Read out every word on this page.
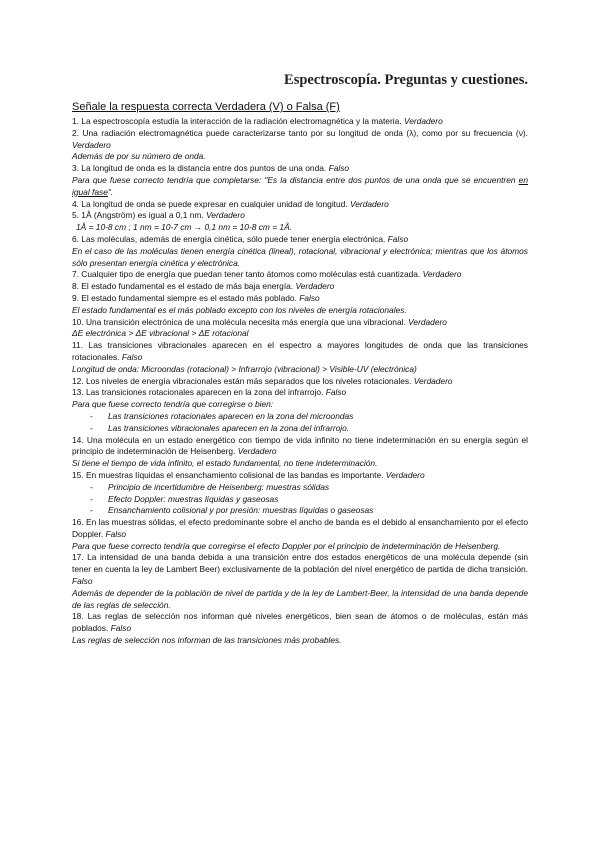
Espectroscopía. Preguntas y cuestiones.
Señale la respuesta correcta Verdadera (V) o Falsa (F)
1. La espectroscopía estudia la interacción de la radiación electromagnética y la materia. Verdadero
2. Una radiación electromagnética puede caracterizarse tanto por su longitud de onda (λ), como por su frecuencia (ν). Verdadero
Además de por su número de onda.
3. La longitud de onda es la distancia entre dos puntos de una onda. Falso
Para que fuese correcto tendría que completarse: "Es la distancia entre dos puntos de una onda que se encuentren en igual fase".
4. La longitud de onda se puede expresar en cualquier unidad de longitud. Verdadero
5. 1Å (Angström) es igual a 0,1 nm. Verdadero
1Å = 10-8 cm ; 1 nm = 10-7 cm → 0,1 nm = 10-8 cm = 1Å.
6. Las moléculas, además de energía cinética, sólo puede tener energía electrónica. Falso
En el caso de las moléculas tienen energía cinética (lineal), rotacional, vibracional y electrónica; mientras que los átomos sólo presentan energía cinética y electrónica.
7. Cualquier tipo de energía que puedan tener tanto átomos como moléculas está cuantizada. Verdadero
8. El estado fundamental es el estado de más baja energía. Verdadero
9. El estado fundamental siempre es el estado más poblado. Falso
El estado fundamental es el más poblado excepto con los niveles de energía rotacionales.
10. Una transición electrónica de una molécula necesita más energía que una vibracional. Verdadero
ΔE electrónica > ΔE vibracional > ΔE rotacional
11. Las transiciones vibracionales aparecen en el espectro a mayores longitudes de onda que las transiciones rotacionales. Falso
Longitud de onda: Microondas (rotacional) > Infrarrojo (vibracional) > Visible-UV (electrónica)
12. Los niveles de energía vibracionales están más separados que los niveles rotacionales. Verdadero
13. Las transiciones rotacionales aparecen en la zona del infrarrojo. Falso
Para que fuese correcto tendría que corregirse o bien:
- Las transiciones rotacionales aparecen en la zona del microondas
- Las transiciones vibracionales aparecen en la zona del infrarrojo.
14. Una molécula en un estado energético con tiempo de vida infinito no tiene indeterminación en su energía según el principio de indeterminación de Heisenberg. Verdadero
Si tiene el tiempo de vida infinito, el estado fundamental, no tiene indeterminación.
15. En muestras líquidas el ensanchamiento colisional de las bandas es importante. Verdadero
- Principio de incertidumbre de Heisenberg: muestras sólidas
- Efecto Doppler: muestras líquidas y gaseosas
- Ensanchamiento colisional y por presión: muestras líquidas o gaseosas
16. En las muestras sólidas, el efecto predominante sobre el ancho de banda es el debido al ensanchamiento por el efecto Doppler. Falso
Para que fuese correcto tendría que corregirse el efecto Doppler por el principio de indeterminación de Heisenberg.
17. La intensidad de una banda debida a una transición entre dos estados energéticos de una molécula depende (sin tener en cuenta la ley de Lambert Beer) exclusivamente de la población del nivel energético de partida de dicha transición. Falso
Además de depender de la población de nivel de partida y de la ley de Lambert-Beer, la intensidad de una banda depende de las reglas de selección.
18. Las reglas de selección nos informan qué niveles energéticos, bien sean de átomos o de moléculas, están más poblados. Falso
Las reglas de selección nos informan de las transiciones más probables.
